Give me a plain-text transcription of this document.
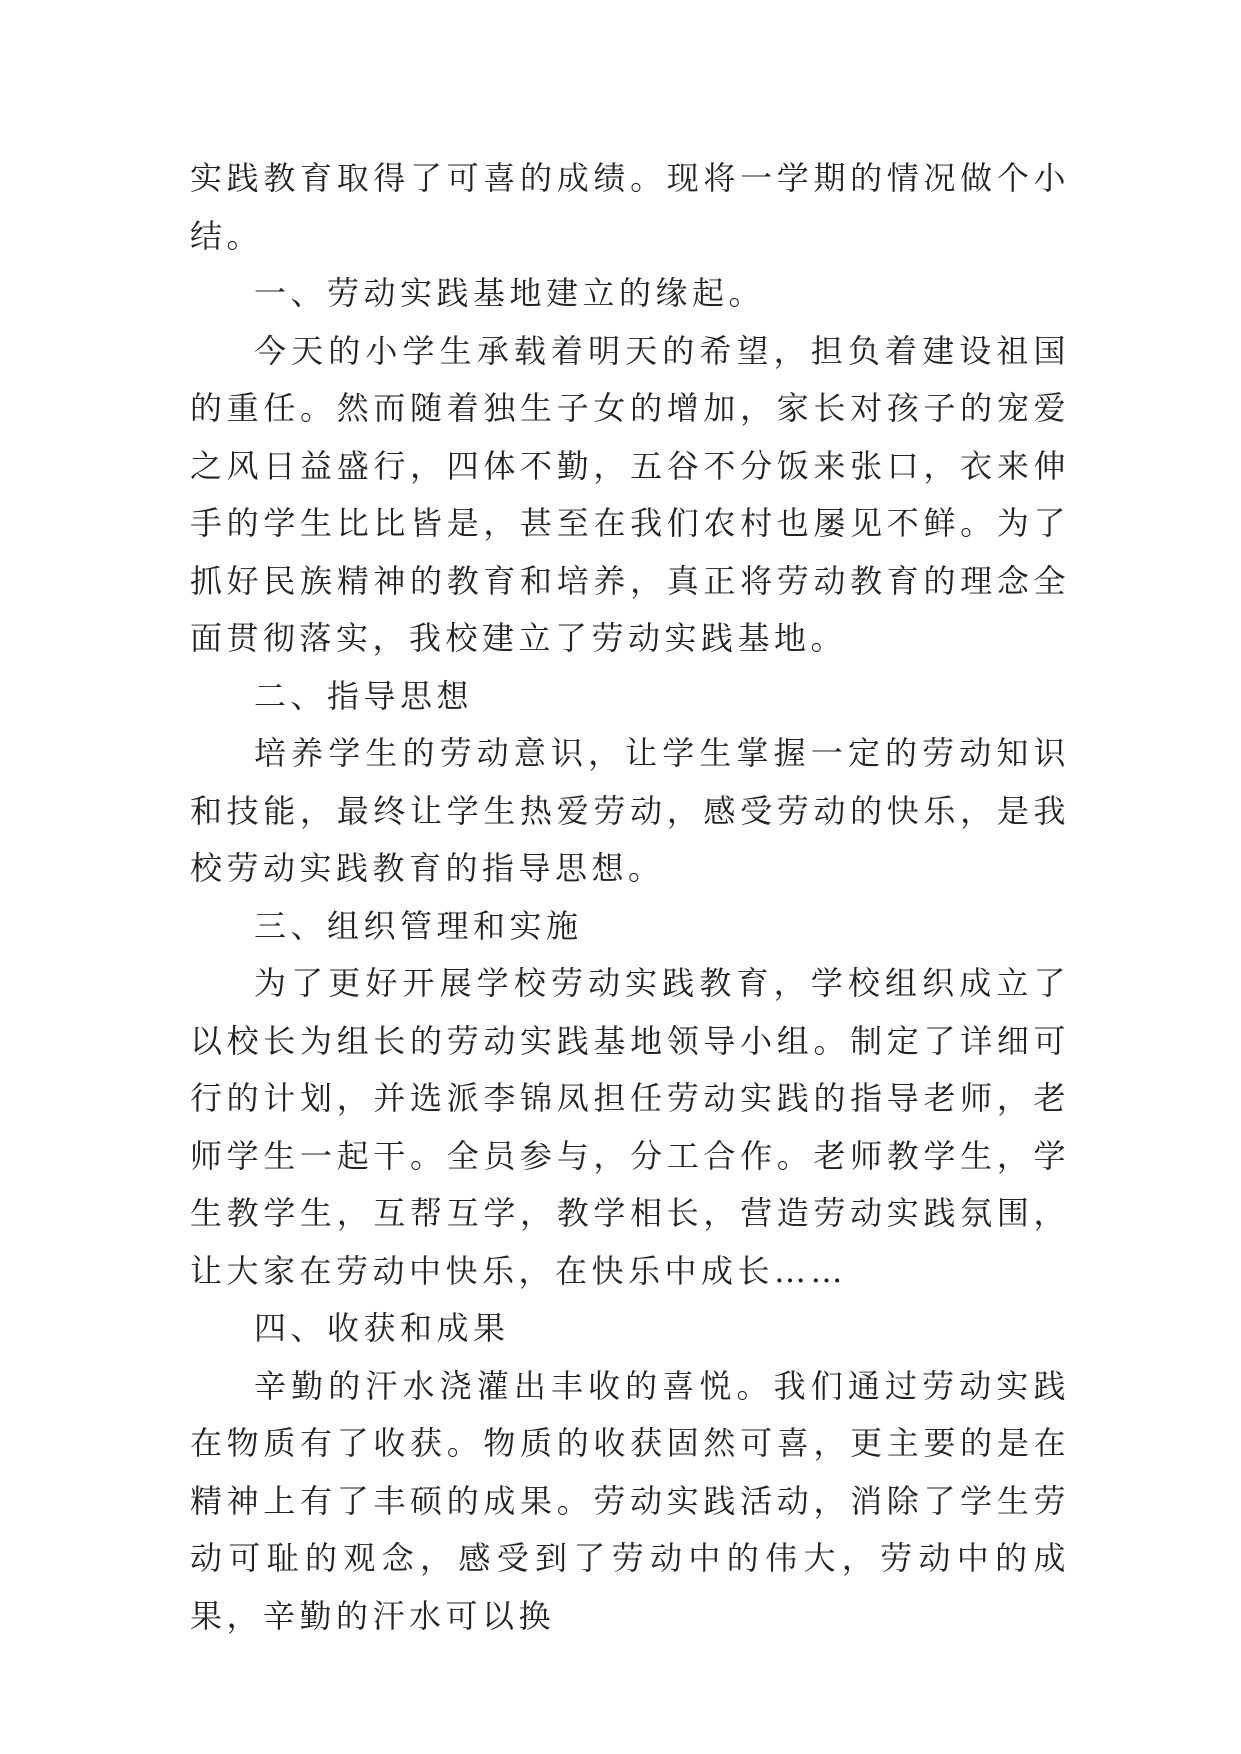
实践教育取得了可喜的成绩。现将一学期的情况做个小结。

一、劳动实践基地建立的缘起。

今天的小学生承载着明天的希望，担负着建设祖国的重任。然而随着独生子女的增加，家长对孩子的宠爱之风日益盛行，四体不勤，五谷不分饭来张口，衣来伸手的学生比比皆是，甚至在我们农村也屡见不鲜。为了抓好民族精神的教育和培养，真正将劳动教育的理念全面贯彻落实，我校建立了劳动实践基地。

二、指导思想

培养学生的劳动意识，让学生掌握一定的劳动知识和技能，最终让学生热爱劳动，感受劳动的快乐，是我校劳动实践教育的指导思想。

三、组织管理和实施

为了更好开展学校劳动实践教育，学校组织成立了以校长为组长的劳动实践基地领导小组。制定了详细可行的计划，并选派李锦凤担任劳动实践的指导老师，老师学生一起干。全员参与，分工合作。老师教学生，学生教学生，互帮互学，教学相长，营造劳动实践氛围，让大家在劳动中快乐，在快乐中成长……

四、收获和成果

辛勤的汗水浇灌出丰收的喜悦。我们通过劳动实践在物质有了收获。物质的收获固然可喜，更主要的是在精神上有了丰硕的成果。劳动实践活动，消除了学生劳动可耻的观念，感受到了劳动中的伟大，劳动中的成果，辛勤的汗水可以换
